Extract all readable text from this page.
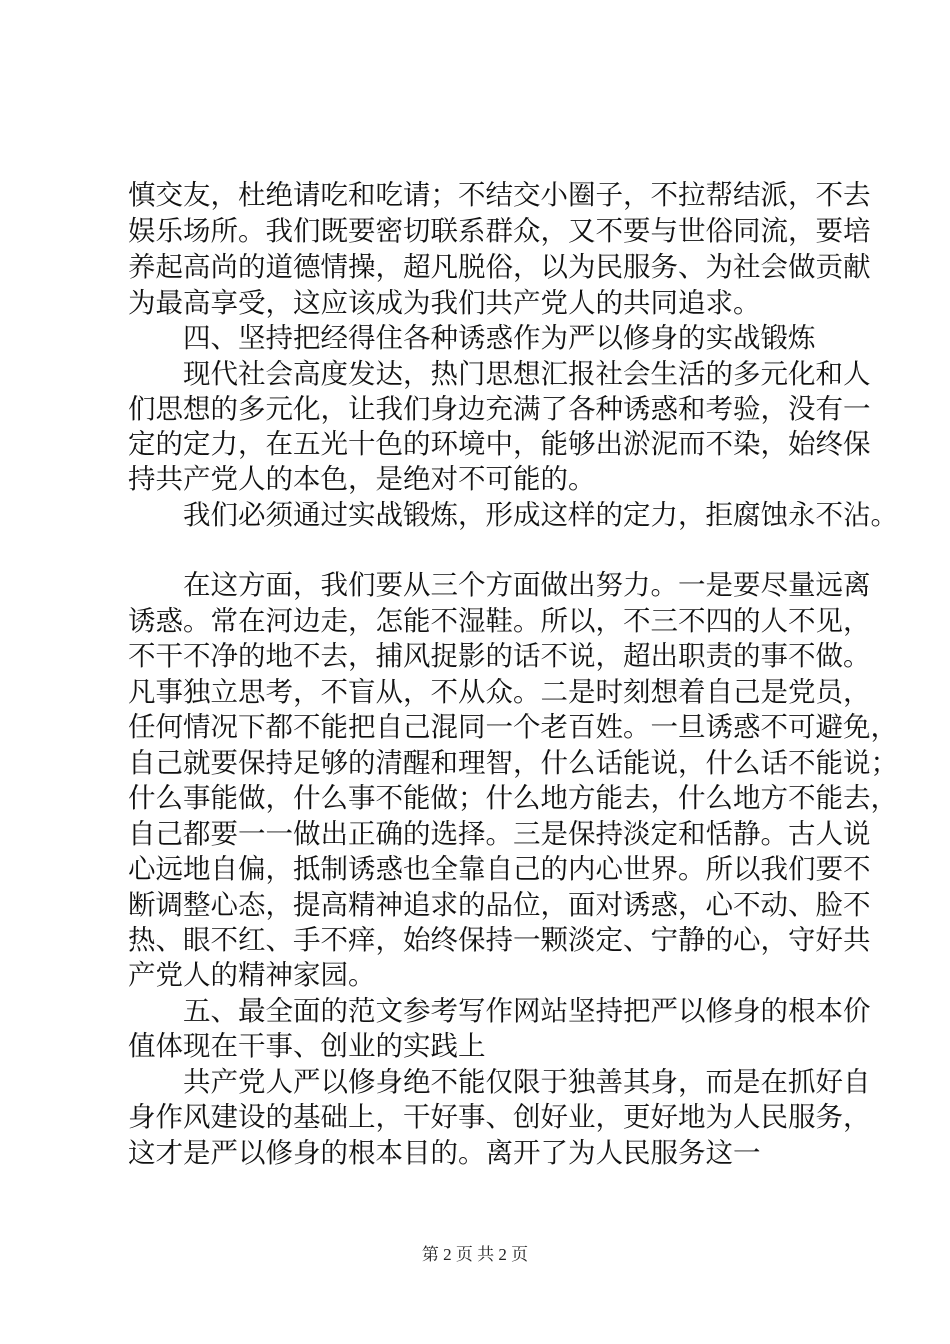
慎交友，杜绝请吃和吃请；不结交小圈子，不拉帮结派，不去
娱乐场所。我们既要密切联系群众，又不要与世俗同流，要培
养起高尚的道德情操，超凡脱俗，以为民服务、为社会做贡献
为最高享受，这应该成为我们共产党人的共同追求。
四、坚持把经得住各种诱惑作为严以修身的实战锻炼
现代社会高度发达，热门思想汇报社会生活的多元化和人
们思想的多元化，让我们身边充满了各种诱惑和考验，没有一
定的定力，在五光十色的环境中，能够出淤泥而不染，始终保
持共产党人的本色，是绝对不可能的。
我们必须通过实战锻炼，形成这样的定力，拒腐蚀永不沾。
在这方面，我们要从三个方面做出努力。一是要尽量远离
诱惑。常在河边走，怎能不湿鞋。所以，不三不四的人不见，
不干不净的地不去，捕风捉影的话不说，超出职责的事不做。
凡事独立思考，不盲从，不从众。二是时刻想着自己是党员，
任何情况下都不能把自己混同一个老百姓。一旦诱惑不可避免，
自己就要保持足够的清醒和理智，什么话能说，什么话不能说；
什么事能做，什么事不能做；什么地方能去，什么地方不能去，
自己都要一一做出正确的选择。三是保持淡定和恬静。古人说
心远地自偏，抵制诱惑也全靠自己的内心世界。所以我们要不
断调整心态，提高精神追求的品位，面对诱惑，心不动、脸不
热、眼不红、手不痒，始终保持一颗淡定、宁静的心，守好共
产党人的精神家园。
五、最全面的范文参考写作网站坚持把严以修身的根本价
值体现在干事、创业的实践上
共产党人严以修身绝不能仅限于独善其身，而是在抓好自
身作风建设的基础上，干好事、创好业，更好地为人民服务，
这才是严以修身的根本目的。离开了为人民服务这一
第 2 页 共 2 页
